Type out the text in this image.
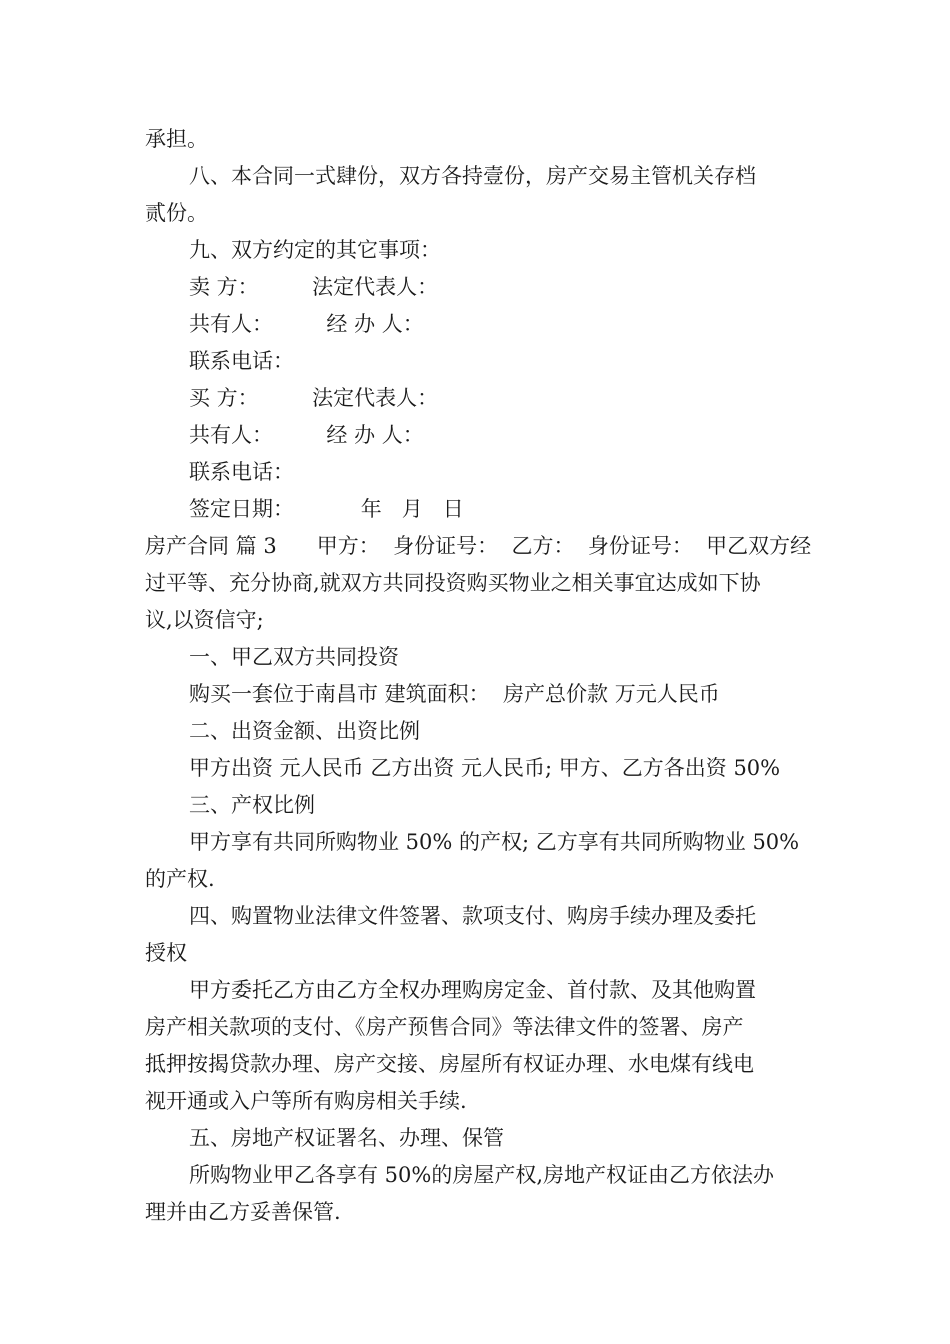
承担。
八、本合同一式肆份，双方各持壹份，房产交易主管机关存档
贰份。
九、双方约定的其它事项：
卖 方：        法定代表人：
共有人：        经 办 人：
联系电话：
买 方：        法定代表人：
共有人：        经 办 人：
联系电话：
签定日期：          年   月   日
房产合同 篇 3      甲方：  身份证号：  乙方：  身份证号：  甲乙双方经
过平等、充分协商,就双方共同投资购买物业之相关事宜达成如下协
议,以资信守;
一、甲乙双方共同投资
购买一套位于南昌市 建筑面积：  房产总价款 万元人民币
二、出资金额、出资比例
甲方出资 元人民币 乙方出资 元人民币; 甲方、乙方各出资 50%
三、产权比例
甲方享有共同所购物业 50% 的产权; 乙方享有共同所购物业 50%
的产权.
四、购置物业法律文件签署、款项支付、购房手续办理及委托
授权
甲方委托乙方由乙方全权办理购房定金、首付款、及其他购置
房产相关款项的支付、《房产预售合同》等法律文件的签署、房产
抵押按揭贷款办理、房产交接、房屋所有权证办理、水电煤有线电
视开通或入户等所有购房相关手续.
五、房地产权证署名、办理、保管
所购物业甲乙各享有 50%的房屋产权,房地产权证由乙方依法办
理并由乙方妥善保管.
